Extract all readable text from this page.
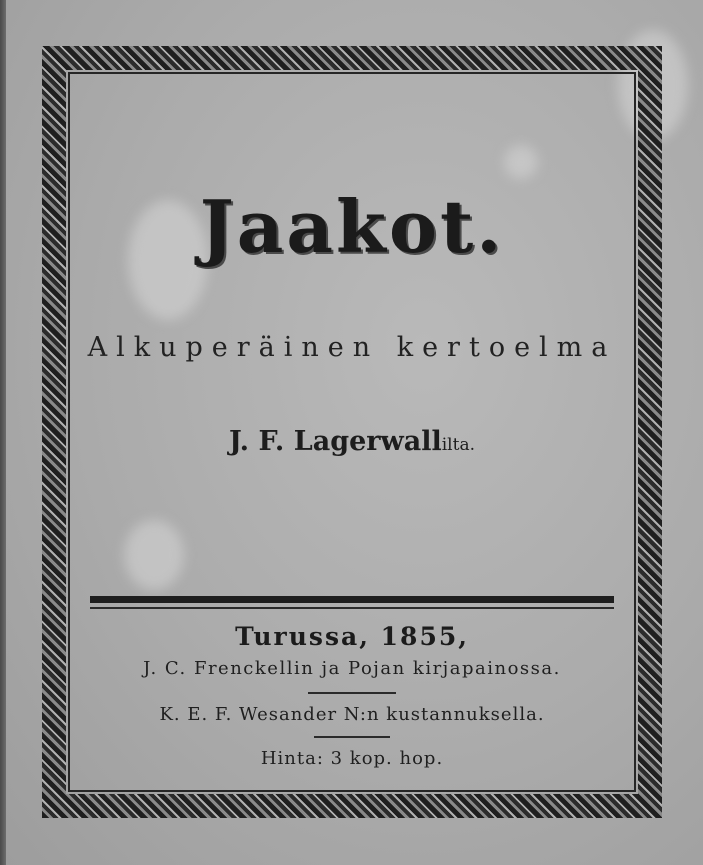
Jaakot.
Alkuperäinen kertoelma
J. F. Lagerwallilta.
Turussa, 1855,
J. C. Frenckellin ja Pojan kirjapainossa.
K. E. F. Wesander N:n kustannuksella.
Hinta: 3 kop. hop.
